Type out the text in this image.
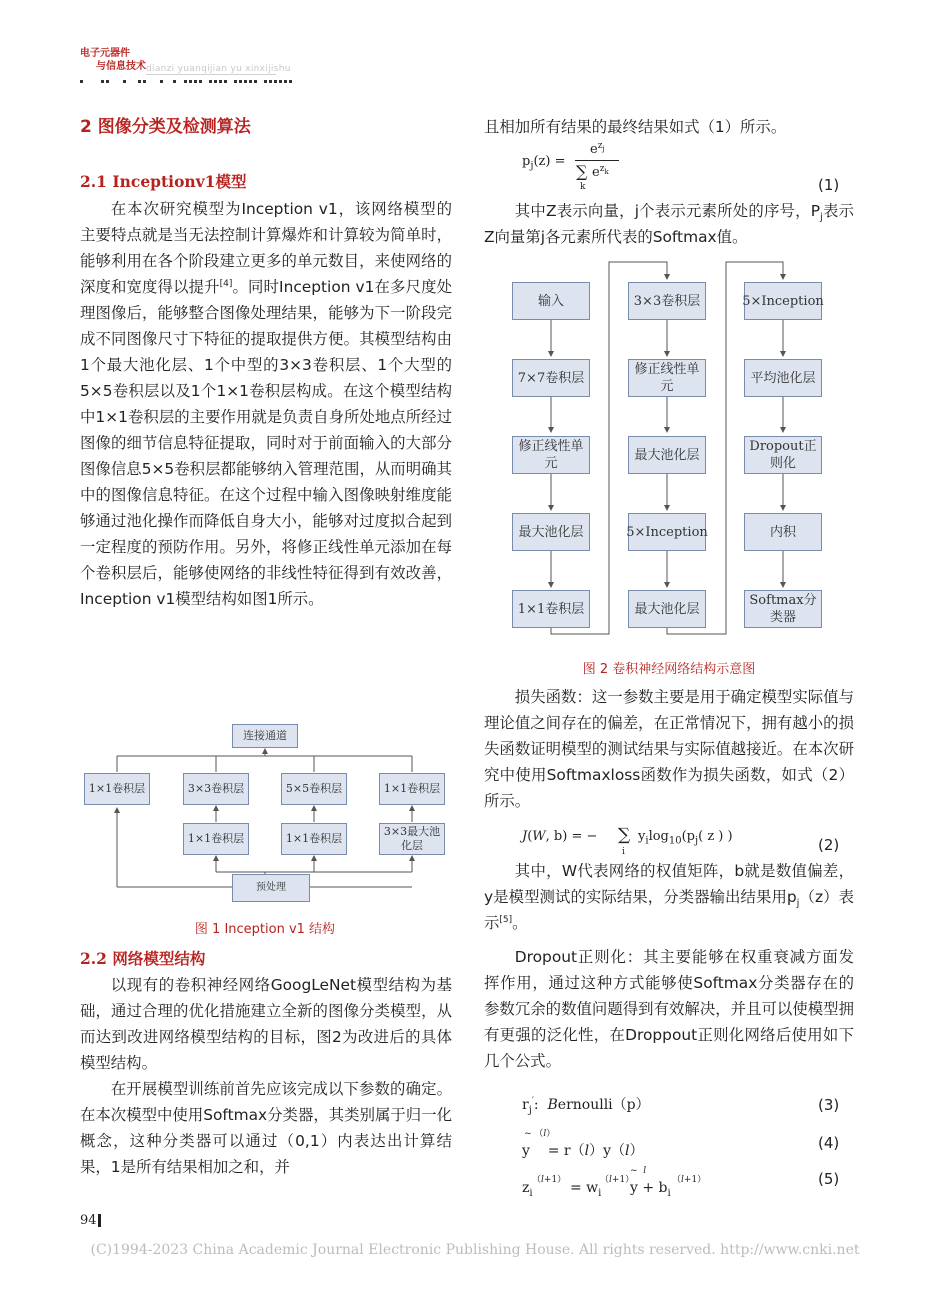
电子元器件
与信息技术 dianzi yuanqijian yu xinxijishu
2 图像分类及检测算法
2.1 Inceptionv1模型

在本次研究模型为Inception v1，该网络模型的主要特点就是当无法控制计算爆炸和计算较为简单时，能够利用在各个阶段建立更多的单元数目，来使网络的深度和宽度得以提升[4]。同时Inception v1在多尺度处理图像后，能够整合图像处理结果，能够为下一阶段完成不同图像尺寸下特征的提取提供方便。其模型结构由1个最大池化层、1个中型的3×3卷积层、1个大型的5×5卷积层以及1个1×1卷积层构成。在这个模型结构中1×1卷积层的主要作用就是负责自身所处地点所经过图像的细节信息特征提取，同时对于前面输入的大部分图像信息5×5卷积层都能够纳入管理范围，从而明确其中的图像信息特征。在这个过程中输入图像映射维度能够通过池化操作而降低自身大小，能够对过度拟合起到一定程度的预防作用。另外，将修正线性单元添加在每个卷积层后，能够使网络的非线性特征得到有效改善，Inception v1模型结构如图1所示。

连接通道
1×1卷积层	3×3卷积层	5×5卷积层	1×1卷积层
1×1卷积层	1×1卷积层
3×3最大池化层
预处理
图 1 Inception v1 结构
2.2 网络模型结构

以现有的卷积神经网络GoogLeNet模型结构为基础，通过合理的优化措施建立全新的图像分类模型，从而达到改进网络模型结构的目标，图2为改进后的具体模型结构。

在开展模型训练前首先应该完成以下参数的确定。在本次模型中使用Softmax分类器，其类别属于归一化概念，这种分类器可以通过（0,1）内表达出计算结果，1是所有结果相加之和，并

且相加所有结果的最终结果如式（1）所示。

$p_j(z)$ =
$e^{z_j}$
∑ $e^{z_k}$
k	(1)

其中Z表示向量，j个表示元素所处的序号，$P_j$表示Z向量第j各元素所代表的Softmax值。

输入
7×7卷积层
修正线性单元
最大池化层
1×1卷积层
3×3卷积层
修正线性单元
最大池化层
5×Inception
最大池化层
5×Inception
平均池化层
Dropout正则化
内积
Softmax分类器
图 2 卷积神经网络结构示意图

损失函数：这一参数主要是用于确定模型实际值与理论值之间存在的偏差，在正常情况下，拥有越小的损失函数证明模型的测试结果与实际值越接近。在本次研究中使用Softmaxloss函数作为损失函数，如式（2）所示。

J(W, b) = − ∑
i
$y_i\log_{10}(p_j$( z ) )	(2)

其中，W代表网络的权值矩阵，b就是数值偏差，y是模型测试的实际结果，分类器输出结果用$p_j(z)$表示[5]。

Dropout正则化：其主要能够在权重衰减方面发挥作用，通过这种方式能够使Softmax分类器存在的参数冗余的数值问题得到有效解决，并且可以使模型拥有更强的泛化性，在Droppout正则化网络后使用如下几个公式。

$r_j'$:  Bernoulli（p）	(3)
~ （l）
y    = r（l）y（l）	(4)
$z_i$
$(l+1) = w_i$
（l+1）
~  l
$y + b_i$
（l+1）	(5)
94
(C)1994-2023 China Academic Journal Electronic Publishing House. All rights reserved. http://www.cnki.net
